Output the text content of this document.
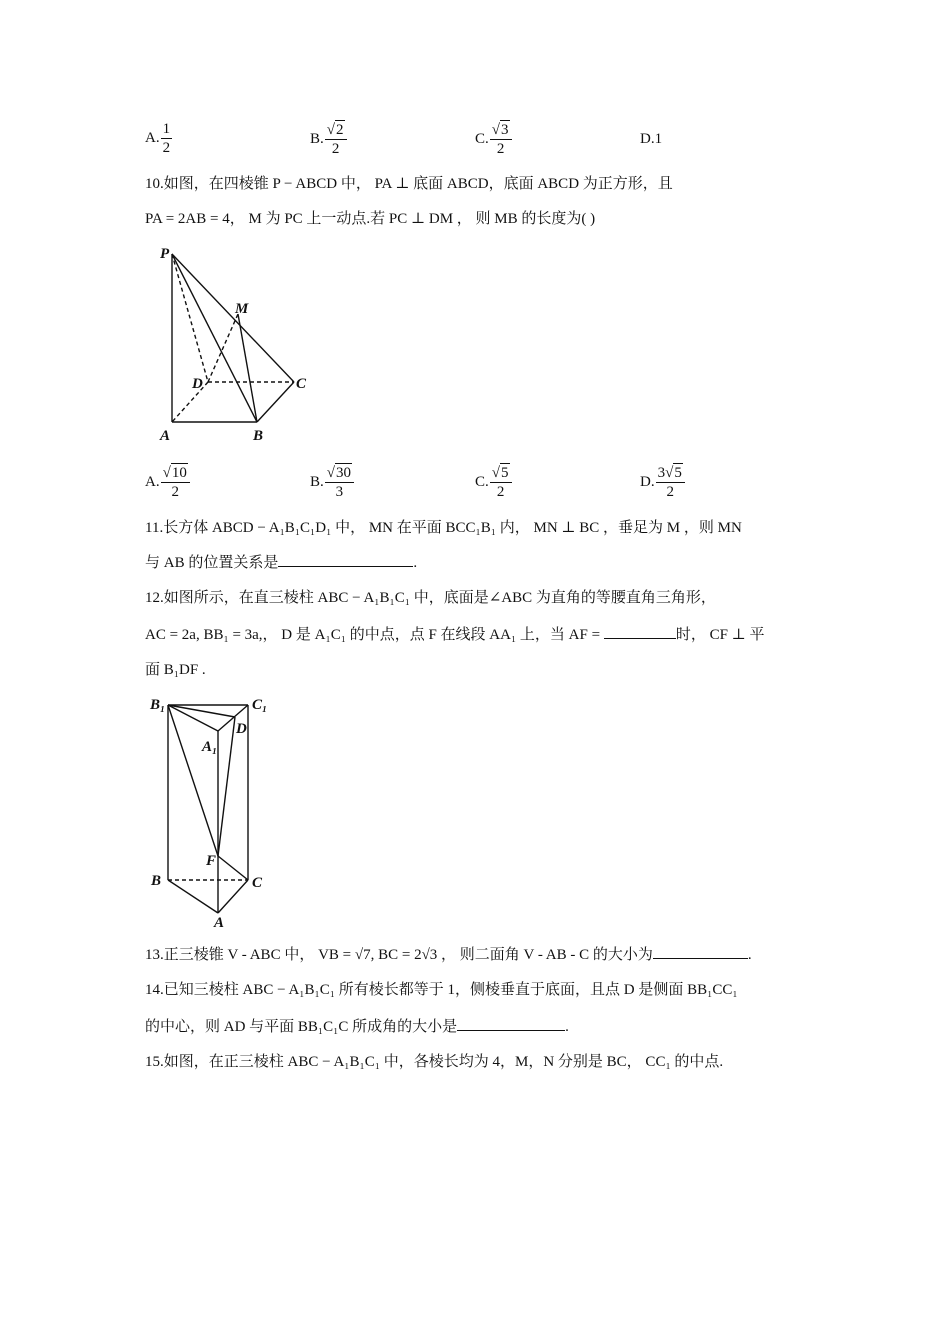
A. $\frac{1}{2}$	B. $\frac{√ 2}{2}$	C. $\frac{√ 3}{2}$	D.1
10.如图，在四棱锥 P − ABCD 中， PA ⊥ 底面 ABCD，底面 ABCD 为正方形，且
PA = 2AB = 4， M 为 PC 上一动点.若 PC ⊥ DM ， 则 MB 的长度为( )
P
M
D	C
A	B
A. $\frac{√ 10}{2}$	B. $\frac{√ 30}{3}$	C. $\frac{√ 5}{2}$	D. $\frac{3 √ 5}{2}$
11.长方体 ABCD − A₁B₁C₁D₁ 中， MN 在平面 BCC₁B₁ 内， MN ⊥ BC ，垂足为 M ，则 MN
与 AB 的位置关系是	.
12.如图所示，在直三棱柱 ABC − A₁B₁C₁ 中，底面是∠ABC 为直角的等腰直角三角形，
AC = 2a, BB₁ = 3a,， D 是 A₁C₁ 的中点，点 F 在线段 AA₁ 上，当 AF =	时， CF ⊥ 平
面 B₁DF .
B₁	C₁
A₁
D
F
B	C
A
13.正三棱锥 V - ABC 中， VB = √7, BC = 2√3 ， 则二面角 V - AB - C 的大小为	.
14.已知三棱柱 ABC − A₁B₁C₁ 所有棱长都等于 1，侧棱垂直于底面，且点 D 是侧面 BB₁CC₁
的中心，则 AD 与平面 BB₁C₁C 所成角的大小是	.
15.如图，在正三棱柱 ABC − A₁B₁C₁ 中，各棱长均为 4，M，N 分别是 BC， CC₁ 的中点.
